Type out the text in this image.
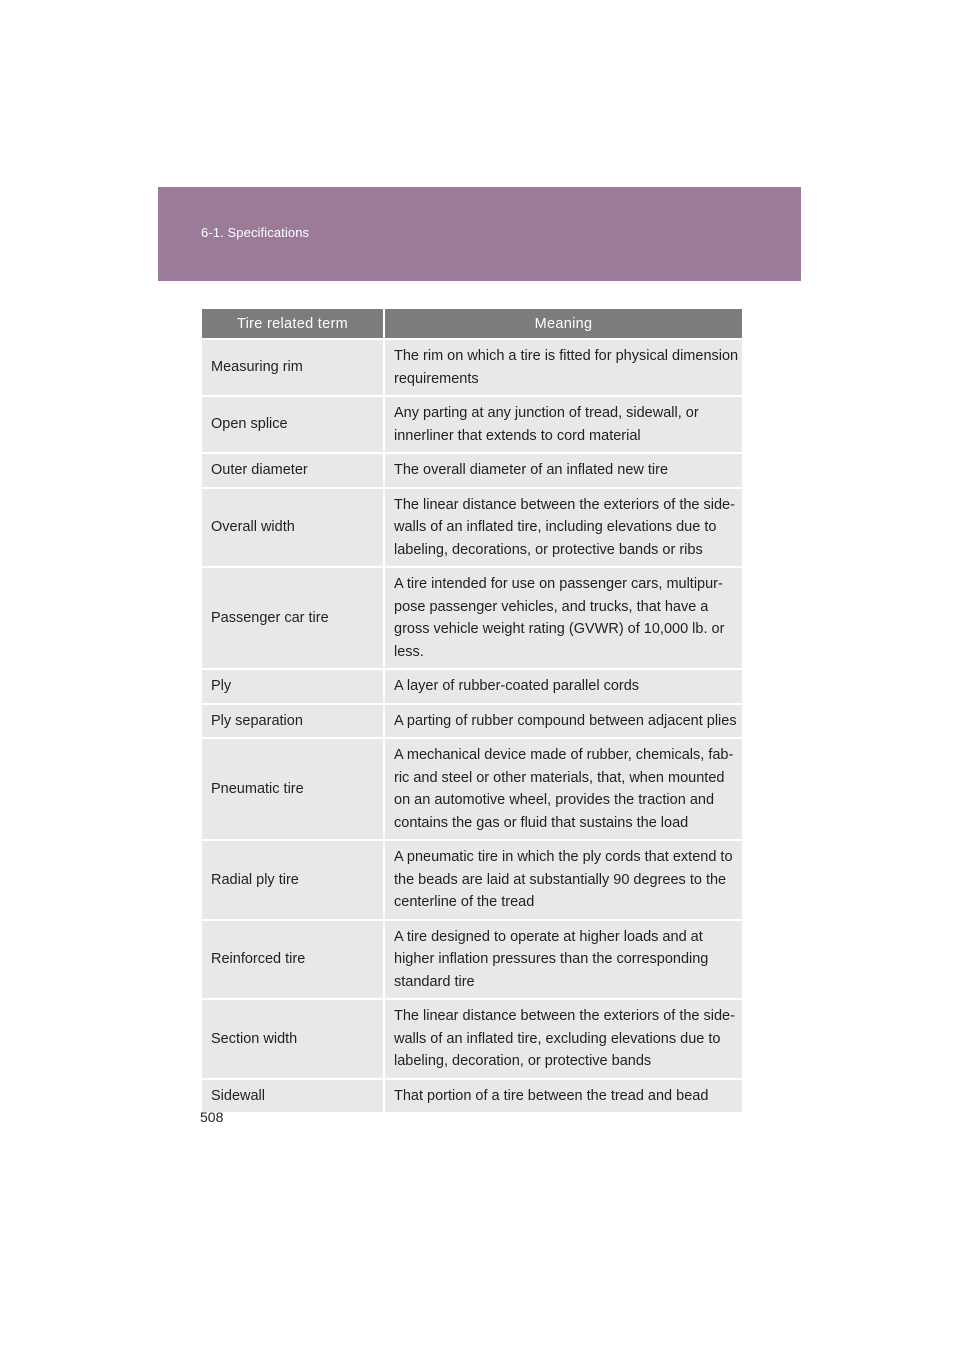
6-1. Specifications
Tire related term	Meaning
Measuring rim	The rim on which a tire is fitted for physical dimension requirements
Open splice	Any parting at any junction of tread, sidewall, or innerliner that extends to cord material
Outer diameter	The overall diameter of an inflated new tire
Overall width	The linear distance between the exteriors of the side-walls of an inflated tire, including elevations due to labeling, decorations, or protective bands or ribs
Passenger car tire	A tire intended for use on passenger cars, multipur-pose passenger vehicles, and trucks, that have a gross vehicle weight rating (GVWR) of 10,000 lb. or less.
Ply	A layer of rubber-coated parallel cords
Ply separation	A parting of rubber compound between adjacent plies
Pneumatic tire	A mechanical device made of rubber, chemicals, fab-ric and steel or other materials, that, when mounted on an automotive wheel, provides the traction and contains the gas or fluid that sustains the load
Radial ply tire	A pneumatic tire in which the ply cords that extend to the beads are laid at substantially 90 degrees to the centerline of the tread
Reinforced tire	A tire designed to operate at higher loads and at higher inflation pressures than the corresponding standard tire
Section width	The linear distance between the exteriors of the side-walls of an inflated tire, excluding elevations due to labeling, decoration, or protective bands
Sidewall	That portion of a tire between the tread and bead
508
